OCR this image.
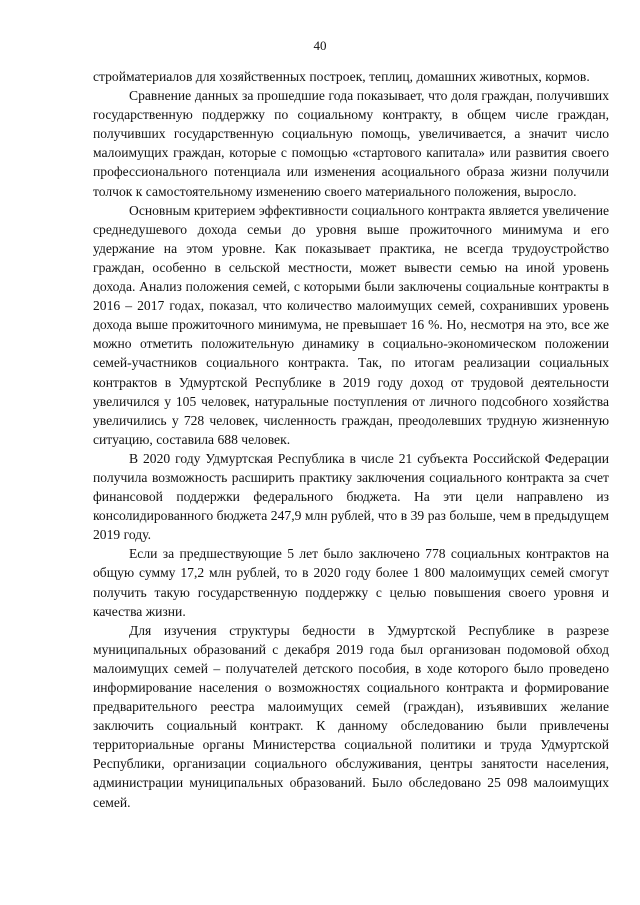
40

стройматериалов для хозяйственных построек, теплиц, домашних животных, кормов.

Сравнение данных за прошедшие года показывает, что доля граждан, получивших государственную поддержку по социальному контракту, в общем числе граждан, получивших государственную социальную помощь, увеличивается, а значит число малоимущих граждан, которые с помощью «стартового капитала» или развития своего профессионального потенциала или изменения асоциального образа жизни получили толчок к самостоятельному изменению своего материального положения, выросло.

Основным критерием эффективности социального контракта является увеличение среднедушевого дохода семьи до уровня выше прожиточного минимума и его удержание на этом уровне. Как показывает практика, не всегда трудоустройство граждан, особенно в сельской местности, может вывести семью на иной уровень дохода. Анализ положения семей, с которыми были заключены социальные контракты в 2016 – 2017 годах, показал, что количество малоимущих семей, сохранивших уровень дохода выше прожиточного минимума, не превышает 16 %. Но, несмотря на это, все же можно отметить положительную динамику в социально-экономическом положении семей-участников социального контракта. Так, по итогам реализации социальных контрактов в Удмуртской Республике в 2019 году доход от трудовой деятельности увеличился у 105 человек, натуральные поступления от личного подсобного хозяйства увеличились у 728 человек, численность граждан, преодолевших трудную жизненную ситуацию, составила 688 человек.

В 2020 году Удмуртская Республика в числе 21 субъекта Российской Федерации получила возможность расширить практику заключения социального контракта за счет финансовой поддержки федерального бюджета. На эти цели направлено из консолидированного бюджета 247,9 млн рублей, что в 39 раз больше, чем в предыдущем 2019 году.

Если за предшествующие 5 лет было заключено 778 социальных контрактов на общую сумму 17,2 млн рублей, то в 2020 году более 1 800 малоимущих семей смогут получить такую государственную поддержку с целью повышения своего уровня и качества жизни.

Для изучения структуры бедности в Удмуртской Республике в разрезе муниципальных образований с декабря 2019 года был организован подомовой обход малоимущих семей – получателей детского пособия, в ходе которого было проведено информирование населения о возможностях социального контракта и формирование предварительного реестра малоимущих семей (граждан), изъявивших желание заключить социальный контракт. К данному обследованию были привлечены территориальные органы Министерства социальной политики и труда Удмуртской Республики, организации социального обслуживания, центры занятости населения, администрации муниципальных образований. Было обследовано 25 098 малоимущих семей.
